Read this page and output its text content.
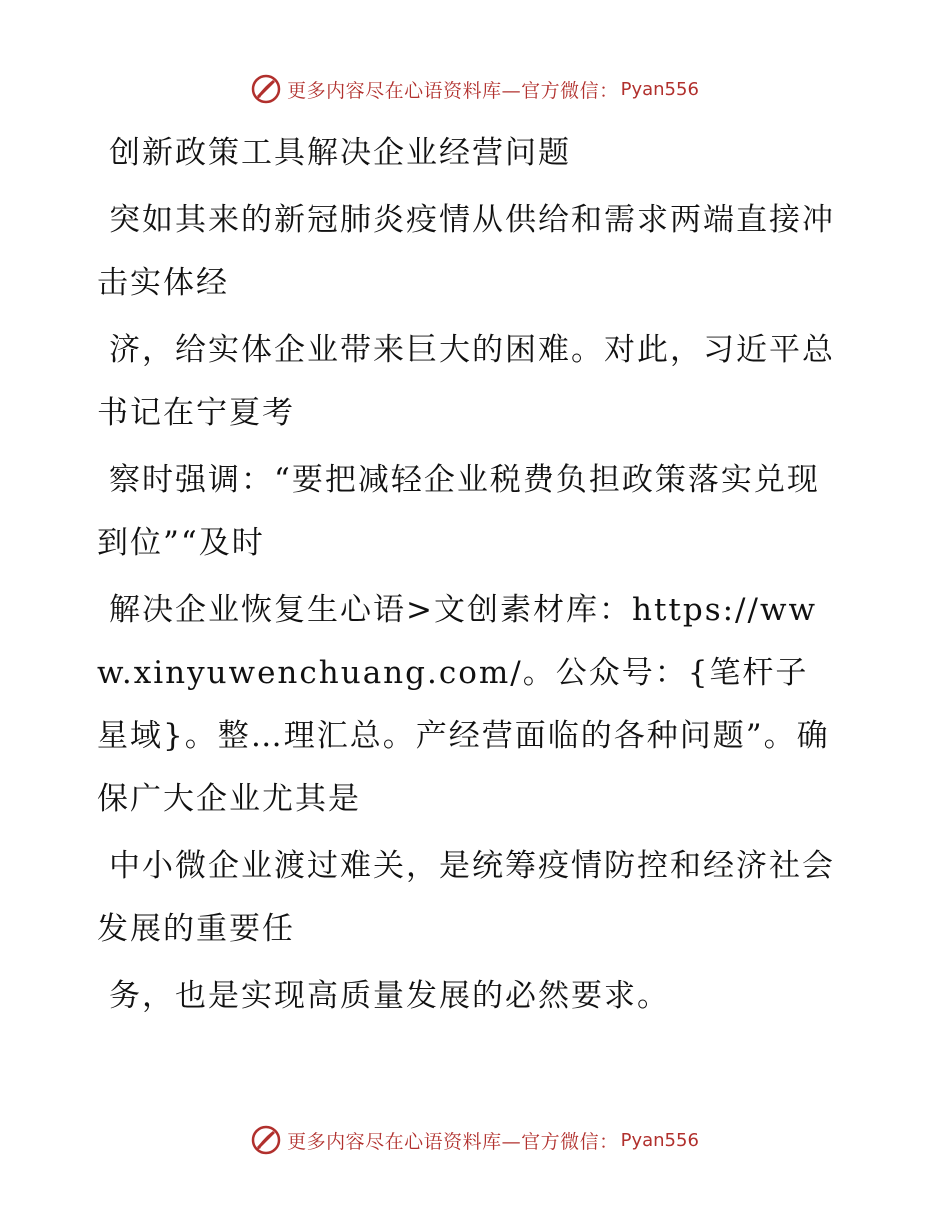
更多内容尽在心语资料库—官方微信： Pyan556

创新政策工具解决企业经营问题

突如其来的新冠肺炎疫情从供给和需求两端直接冲击实体经

济，给实体企业带来巨大的困难。对此，习近平总书记在宁夏考

察时强调：“要把减轻企业税费负担政策落实兑现到位”“及时

解决企业恢复生心语>文创素材库：https://www.xinyuwenchuang.com/。公众号：{笔杆子星域}。整…理汇总。产经营面临的各种问题”。确保广大企业尤其是

中小微企业渡过难关，是统筹疫情防控和经济社会发展的重要任

务，也是实现高质量发展的必然要求。

更多内容尽在心语资料库—官方微信： Pyan556
